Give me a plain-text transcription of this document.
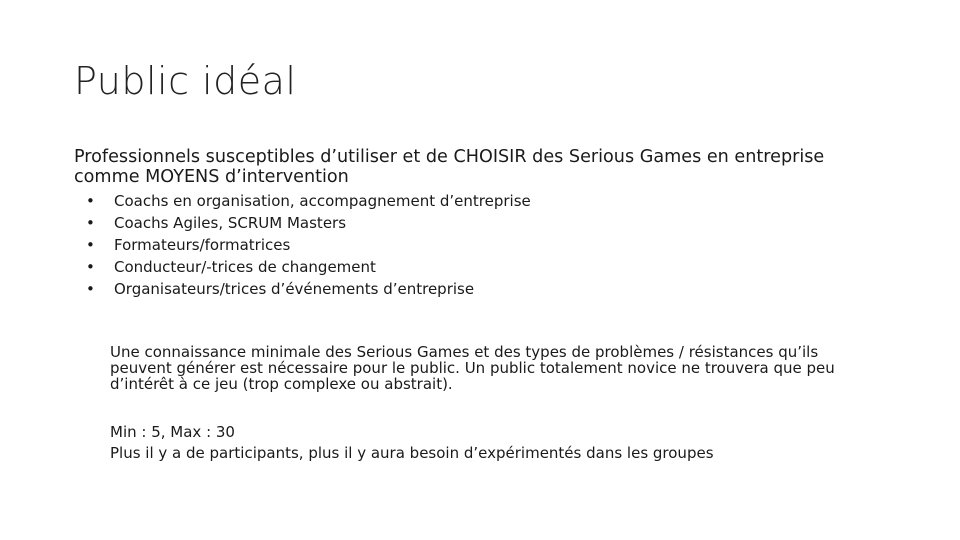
Public idéal
Professionnels susceptibles d’utiliser et de CHOISIR des Serious Games en entreprise comme MOYENS d’intervention
• Coachs en organisation, accompagnement d’entreprise
• Coachs Agiles, SCRUM Masters
• Formateurs/formatrices
• Conducteur/-trices de changement
• Organisateurs/trices d’événements d’entreprise
Une connaissance minimale des Serious Games et des types de problèmes / résistances qu’ils peuvent générer est nécessaire pour le public. Un public totalement novice ne trouvera que peu d’intérêt à ce jeu (trop complexe ou abstrait).
Min : 5, Max : 30
Plus il y a de participants, plus il y aura besoin d’expérimentés dans les groupes
